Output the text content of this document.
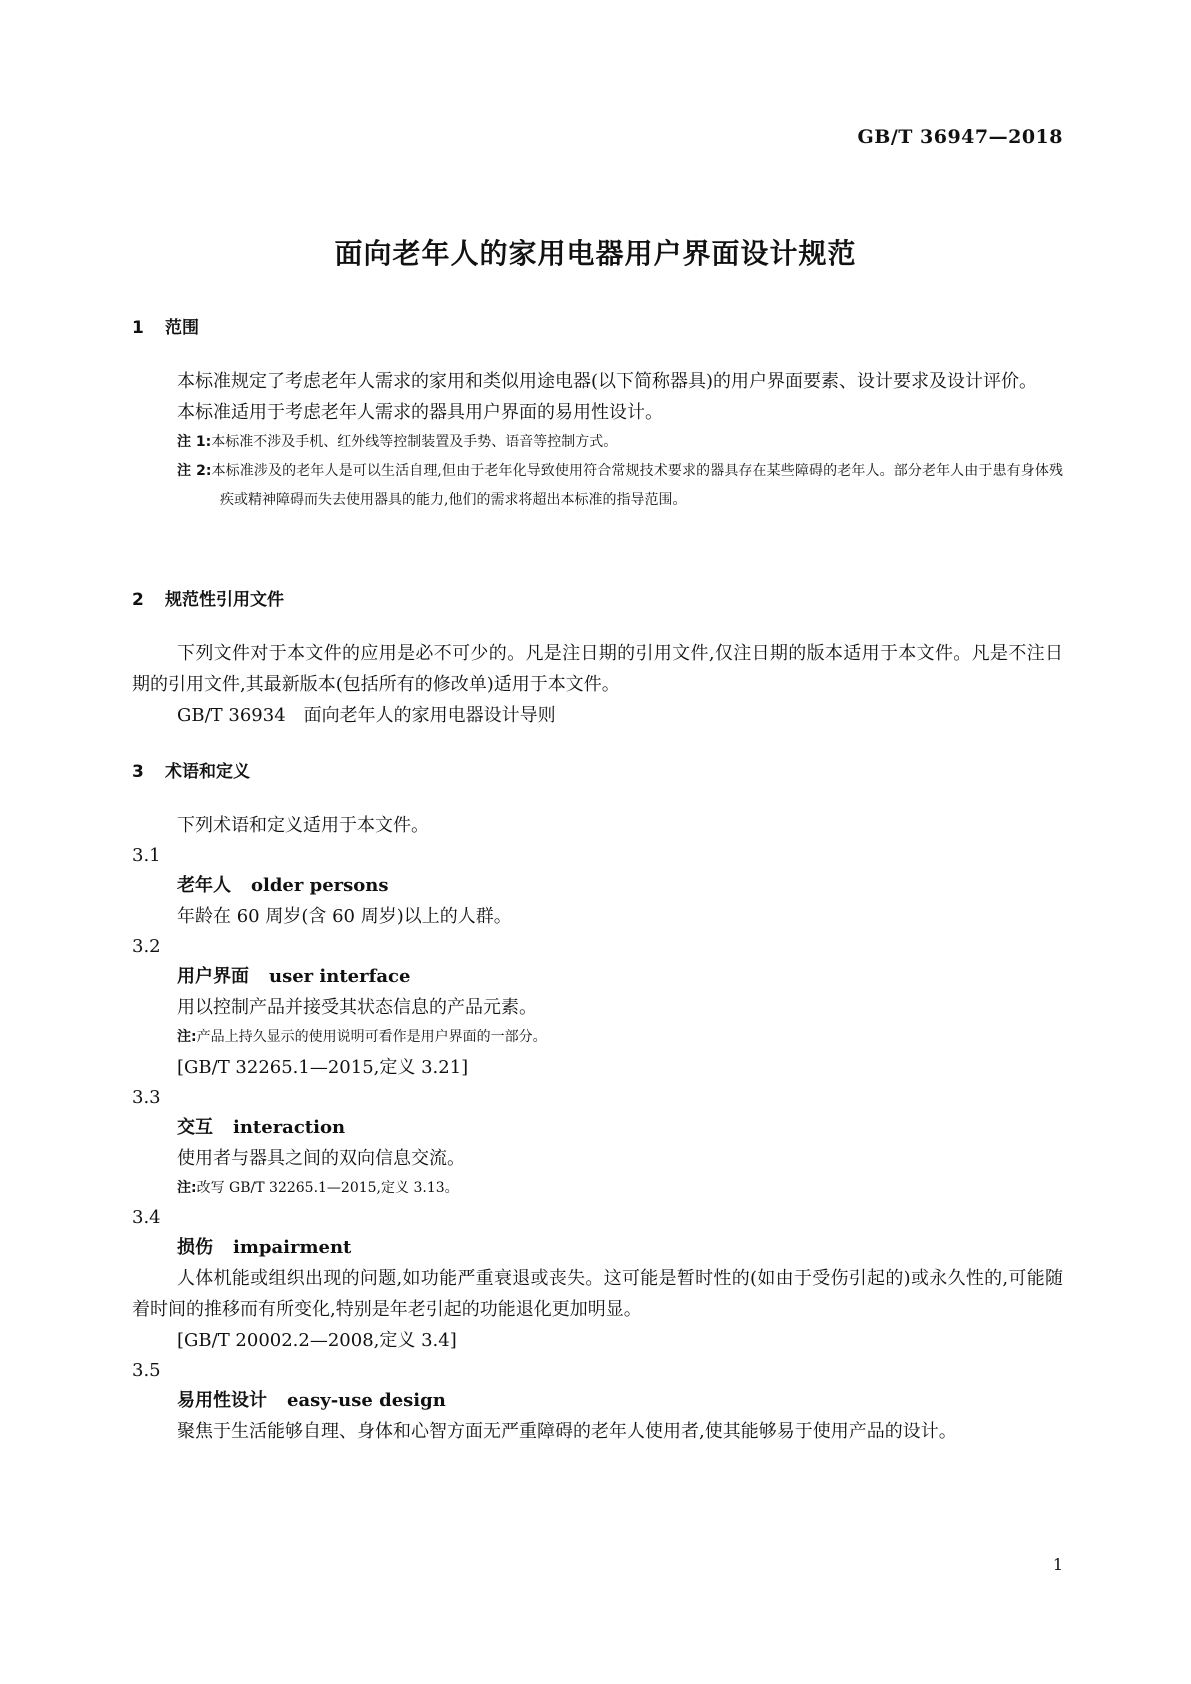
GB/T 36947—2018
面向老年人的家用电器用户界面设计规范

1 范围

本标准规定了考虑老年人需求的家用和类似用途电器(以下简称器具)的用户界面要素、设计要求及设计评价。

本标准适用于考虑老年人需求的器具用户界面的易用性设计。

注 1:本标准不涉及手机、红外线等控制装置及手势、语音等控制方式。

注 2:本标准涉及的老年人是可以生活自理,但由于老年化导致使用符合常规技术要求的器具存在某些障碍的老年人。部分老年人由于患有身体残疾或精神障碍而失去使用器具的能力,他们的需求将超出本标准的指导范围。

2 规范性引用文件

下列文件对于本文件的应用是必不可少的。凡是注日期的引用文件,仅注日期的版本适用于本文件。凡是不注日期的引用文件,其最新版本(包括所有的修改单)适用于本文件。

GB/T 36934　面向老年人的家用电器设计导则

3 术语和定义

下列术语和定义适用于本文件。

3.1

老年人 older persons

年龄在 60 周岁(含 60 周岁)以上的人群。

3.2

用户界面 user interface

用以控制产品并接受其状态信息的产品元素。

注:产品上持久显示的使用说明可看作是用户界面的一部分。

[GB/T 32265.1—2015,定义 3.21]

3.3

交互 interaction

使用者与器具之间的双向信息交流。

注:改写 GB/T 32265.1—2015,定义 3.13。

3.4

损伤 impairment

人体机能或组织出现的问题,如功能严重衰退或丧失。这可能是暂时性的(如由于受伤引起的)或永久性的,可能随着时间的推移而有所变化,特别是年老引起的功能退化更加明显。

[GB/T 20002.2—2008,定义 3.4]

3.5

易用性设计 easy-use design

聚焦于生活能够自理、身体和心智方面无严重障碍的老年人使用者,使其能够易于使用产品的设计。

1
